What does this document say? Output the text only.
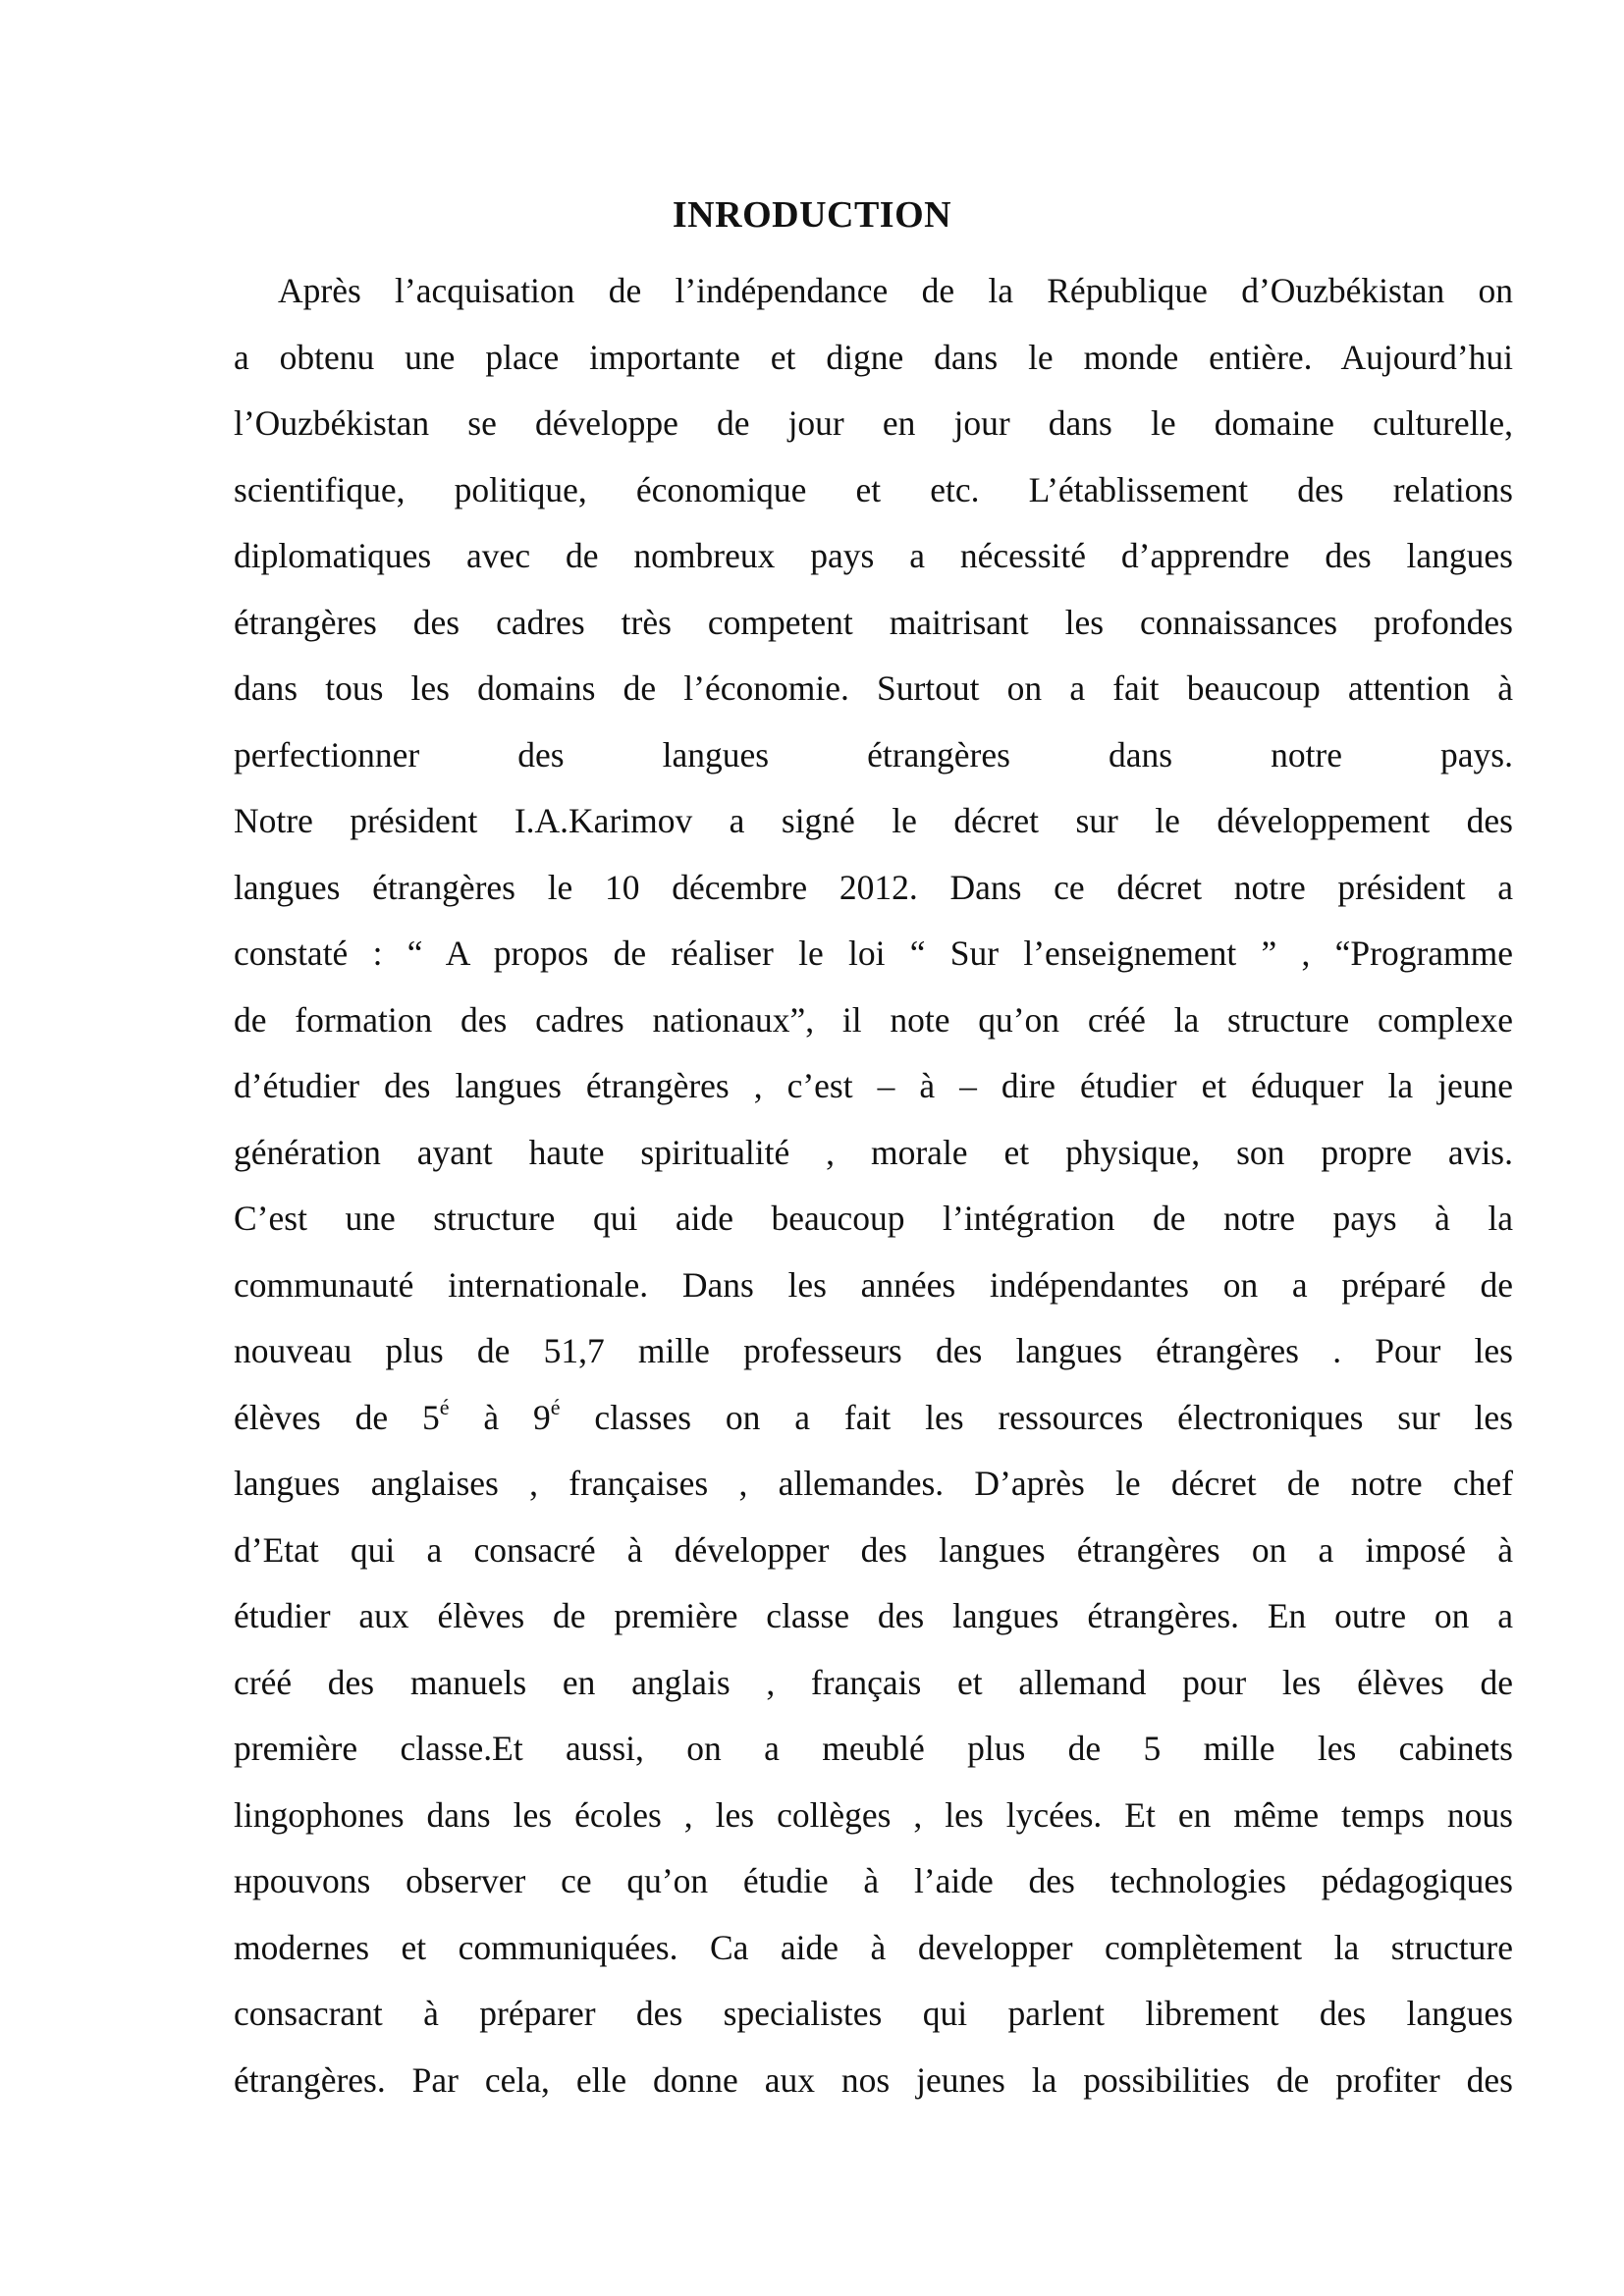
INRODUCTION
Après l’acquisation de l’indépendance de la République d’Ouzbékistan on
a obtenu une place importante et digne dans le monde entière. Aujourd’hui
l’Ouzbékistan se développe de jour en jour dans le domaine culturelle,
scientifique, politique, économique et etc. L’établissement des relations
diplomatiques avec de nombreux pays a nécessité d’apprendre des langues
étrangères des cadres très competent maitrisant les connaissances profondes
dans tous les domains de l’économie. Surtout on a fait beaucoup attention à
perfectionner des langues étrangères dans notre pays.
Notre président I.A.Karimov a signé le décret sur le développement des
langues étrangères le 10 décembre 2012. Dans ce décret notre président a
constaté : “ A propos de réaliser le loi “ Sur l’enseignement ” , “Programme
de formation des cadres nationaux”, il note qu’on créé la structure complexe
d’étudier des langues étrangères , c’est – à – dire étudier et éduquer la jeune
génération ayant haute spiritualité , morale et physique, son propre avis.
C’est une structure qui aide beaucoup l’intégration de notre pays à la
communauté internationale. Dans les années indépendantes on a préparé de
nouveau plus de 51,7 mille professeurs des langues étrangères . Pour les
élèves de $5^é$ à $9^é$ classes on a fait les ressources électroniques sur les
langues anglaises , françaises , allemandes. D’après le décret de notre chef
d’Etat qui a consacré à développer des langues étrangères on a imposé à
étudier aux élèves de première classe des langues étrangères. En outre on a
créé des manuels en anglais , français et allemand pour les élèves de
première classe.Et aussi, on a meublé plus de 5 mille les cabinets
lingophones dans les écoles , les collèges , les lycées. Et en même temps nous
нpouvons observer ce qu’on étudie à l’aide des technologies pédagogiques
modernes et communiquées. Ca aide à developper complètement la structure
consacrant à préparer des specialistes qui parlent librement des langues
étrangères. Par cela, elle donne aux nos jeunes la possibilities de profiter des
